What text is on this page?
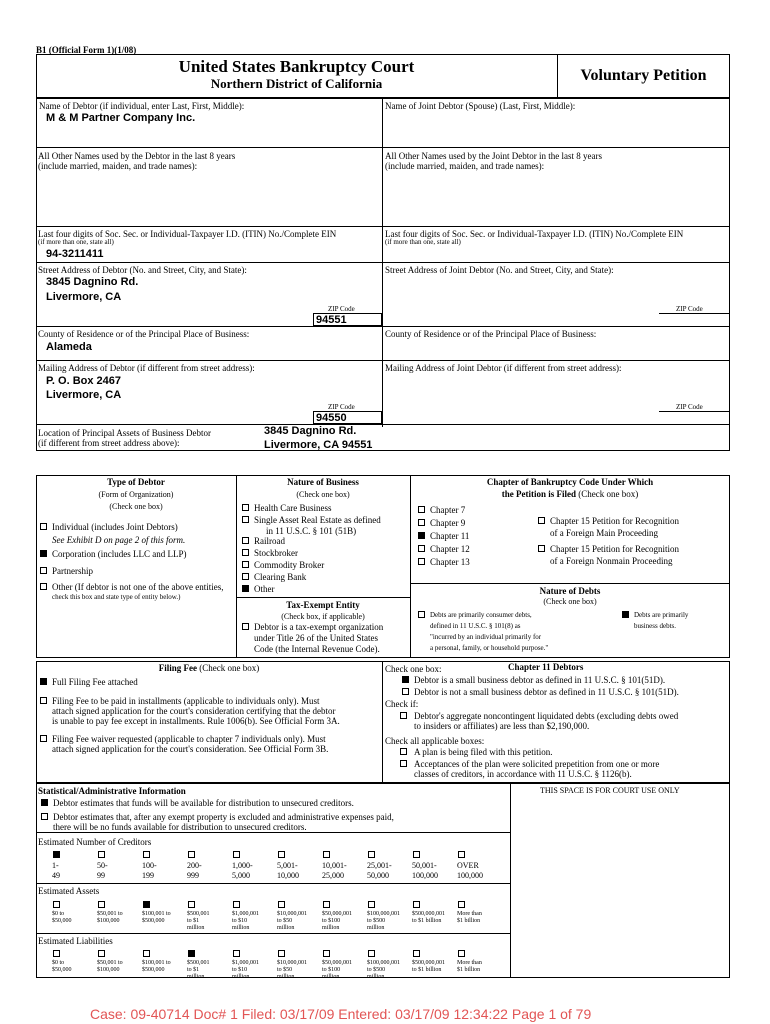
B1 (Official Form 1)(1/08)
United States Bankruptcy Court
Northern District of California	Voluntary Petition
Name of Debtor (if individual, enter Last, First, Middle):
M & M Partner Company Inc.
All Other Names used by the Debtor in the last 8 years
(include married, maiden, and trade names):
Last four digits of Soc. Sec. or Individual-Taxpayer I.D. (ITIN) No./Complete EIN
(if more than one, state all)
94-3211411
Street Address of Debtor (No. and Street, City, and State):
3845 Dagnino Rd.
Livermore, CA
ZIP Code
94551
County of Residence or of the Principal Place of Business:
Alameda
Mailing Address of Debtor (if different from street address):
P. O. Box 2467
Livermore, CA
ZIP Code
94550
Location of Principal Assets of Business Debtor
(if different from street address above):
3845 Dagnino Rd.
Livermore, CA 94551
Name of Joint Debtor (Spouse) (Last, First, Middle):
All Other Names used by the Joint Debtor in the last 8 years
(include married, maiden, and trade names):
Last four digits of Soc. Sec. or Individual-Taxpayer I.D. (ITIN) No./Complete EIN
(if more than one, state all)
Street Address of Joint Debtor (No. and Street, City, and State):
ZIP Code
County of Residence or of the Principal Place of Business:
Mailing Address of Joint Debtor (if different from street address):
ZIP Code
Type of Debtor
(Form of Organization)
(Check one box)
Individual (includes Joint Debtors)
See Exhibit D on page 2 of this form.
Corporation (includes LLC and LLP)
Partnership
Other (If debtor is not one of the above entities,
check this box and state type of entity below.)
Nature of Business
(Check one box)
Health Care Business
Single Asset Real Estate as defined
in 11 U.S.C. § 101 (51B)
Railroad
Stockbroker
Commodity Broker
Clearing Bank
Other
Tax-Exempt Entity
(Check box, if applicable)
Debtor is a tax-exempt organization
under Title 26 of the United States
Code (the Internal Revenue Code).
Chapter of Bankruptcy Code Under Which
the Petition is Filed (Check one box)
Chapter 7
Chapter 9
Chapter 11
Chapter 12
Chapter 13
Chapter 15 Petition for Recognition
of a Foreign Main Proceeding
Chapter 15 Petition for Recognition
of a Foreign Nonmain Proceeding
Nature of Debts
(Check one box)
Debts are primarily consumer debts,
defined in 11 U.S.C. § 101(8) as
"incurred by an individual primarily for
a personal, family, or household purpose."
Debts are primarily
business debts.
Filing Fee (Check one box)
Full Filing Fee attached
Filing Fee to be paid in installments (applicable to individuals only). Must
attach signed application for the court's consideration certifying that the debtor
is unable to pay fee except in installments. Rule 1006(b). See Official Form 3A.
Filing Fee waiver requested (applicable to chapter 7 individuals only). Must
attach signed application for the court's consideration. See Official Form 3B.
Check one box:	Chapter 11 Debtors
Debtor is a small business debtor as defined in 11 U.S.C. § 101(51D).
Debtor is not a small business debtor as defined in 11 U.S.C. § 101(51D).
Check if:
Debtor's aggregate noncontingent liquidated debts (excluding debts owed
to insiders or affiliates) are less than $2,190,000.
Check all applicable boxes:
A plan is being filed with this petition.
Acceptances of the plan were solicited prepetition from one or more
classes of creditors, in accordance with 11 U.S.C. § 1126(b).
Statistical/Administrative Information	THIS SPACE IS FOR COURT USE ONLY
Debtor estimates that funds will be available for distribution to unsecured creditors.
Debtor estimates that, after any exempt property is excluded and administrative expenses paid,
there will be no funds available for distribution to unsecured creditors.
Estimated Number of Creditors
1-
49
50-
99
100-
199
200-
999
1,000-
5,000
5,001-
10,000
10,001-
25,000
25,001-
50,000
50,001-
100,000
OVER
100,000
Estimated Assets
$0 to
$50,000
$50,001 to
$100,000
$100,001 to
$500,000
$500,001
to $1
million
$1,000,001
to $10
million
$10,000,001
to $50
million
$50,000,001
to $100
million
$100,000,001
to $500
million
$500,000,001
to $1 billion
More than
$1 billion
Estimated Liabilities
$0 to
$50,000
$50,001 to
$100,000
$100,001 to
$500,000
$500,001
to $1
million
$1,000,001
to $10
million
$10,000,001
to $50
million
$50,000,001
to $100
million
$100,000,001
to $500
million
$500,000,001
to $1 billion
More than
$1 billion
Case: 09-40714 Doc# 1 Filed: 03/17/09 Entered: 03/17/09 12:34:22 Page 1 of 79
